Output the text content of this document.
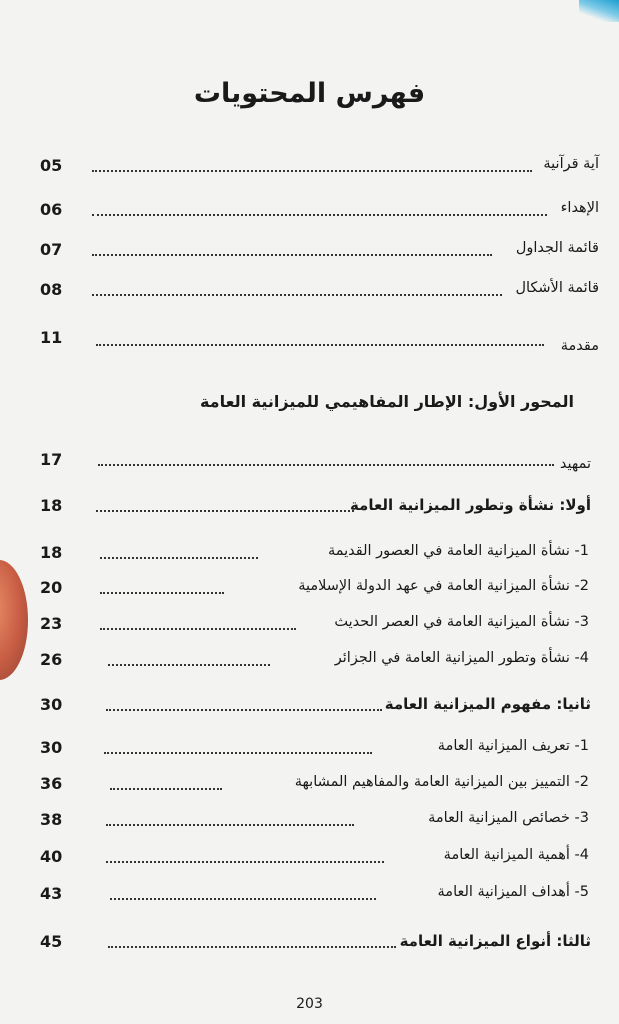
فهرس المحتويات
05	آية قرآنية
06	الإهداء
07	قائمة الجداول
08	قائمة الأشكال
11	مقدمة
المحور الأول: الإطار المفاهيمي للميزانية العامة
17	تمهيد
18	أولا: نشأة وتطور الميزانية العامة
18	1- نشأة الميزانية العامة في العصور القديمة
20	2- نشأة الميزانية العامة في عهد الدولة الإسلامية
23	3- نشأة الميزانية العامة في العصر الحديث
26	4- نشأة وتطور الميزانية العامة في الجزائر
30	ثانيا: مفهوم الميزانية العامة
30	1- تعريف الميزانية العامة
36	2- التمييز بين الميزانية العامة والمفاهيم المشابهة
38	3- خصائص الميزانية العامة
40	4- أهمية الميزانية العامة
43	5- أهداف الميزانية العامة
45	ثالثا: أنواع الميزانية العامة
203
